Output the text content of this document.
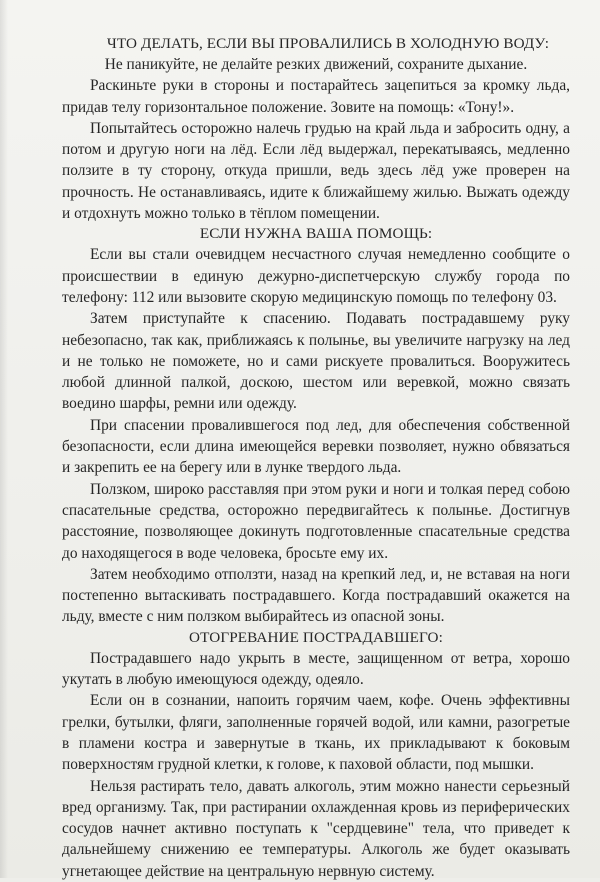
ЧТО ДЕЛАТЬ, ЕСЛИ ВЫ ПРОВАЛИЛИСЬ В ХОЛОДНУЮ ВОДУ:

Не паникуйте, не делайте резких движений, сохраните дыхание.

Раскиньте руки в стороны и постарайтесь зацепиться за кромку льда, придав телу горизонтальное положение. Зовите на помощь: «Тону!».

Попытайтесь осторожно налечь грудью на край льда и забросить одну, а потом и другую ноги на лёд. Если лёд выдержал, перекатываясь, медленно ползите в ту сторону, откуда пришли, ведь здесь лёд уже проверен на прочность. Не останавливаясь, идите к ближайшему жилью. Выжать одежду и отдохнуть можно только в тёплом помещении.

ЕСЛИ НУЖНА ВАША ПОМОЩЬ:

Если вы стали очевидцем несчастного случая немедленно сообщите о происшествии в единую дежурно-диспетчерскую службу города по телефону: 112 или вызовите скорую медицинскую помощь по телефону 03.

Затем приступайте к спасению. Подавать пострадавшему руку небезопасно, так как, приближаясь к полынье, вы увеличите нагрузку на лед и не только не поможете, но и сами рискуете провалиться. Вооружитесь любой длинной палкой, доскою, шестом или веревкой, можно связать воедино шарфы, ремни или одежду.

При спасении провалившегося под лед, для обеспечения собственной безопасности, если длина имеющейся веревки позволяет, нужно обвязаться и закрепить ее на берегу или в лунке твердого льда.

Ползком, широко расставляя при этом руки и ноги и толкая перед собою спасательные средства, осторожно передвигайтесь к полынье. Достигнув расстояние, позволяющее докинуть подготовленные спасательные средства до находящегося в воде человека, бросьте ему их.

Затем необходимо отползти, назад на крепкий лед, и, не вставая на ноги постепенно вытаскивать пострадавшего. Когда пострадавший окажется на льду, вместе с ним ползком выбирайтесь из опасной зоны.

ОТОГРЕВАНИЕ ПОСТРАДАВШЕГО:

Пострадавшего надо укрыть в месте, защищенном от ветра, хорошо укутать в любую имеющуюся одежду, одеяло.

Если он в сознании, напоить горячим чаем, кофе. Очень эффективны грелки, бутылки, фляги, заполненные горячей водой, или камни, разогретые в пламени костра и завернутые в ткань, их прикладывают к боковым поверхностям грудной клетки, к голове, к паховой области, под мышки.

Нельзя растирать тело, давать алкоголь, этим можно нанести серьезный вред организму. Так, при растирании охлажденная кровь из периферических сосудов начнет активно поступать к "сердцевине" тела, что приведет к дальнейшему снижению ее температуры. Алкоголь же будет оказывать угнетающее действие на центральную нервную систему.
